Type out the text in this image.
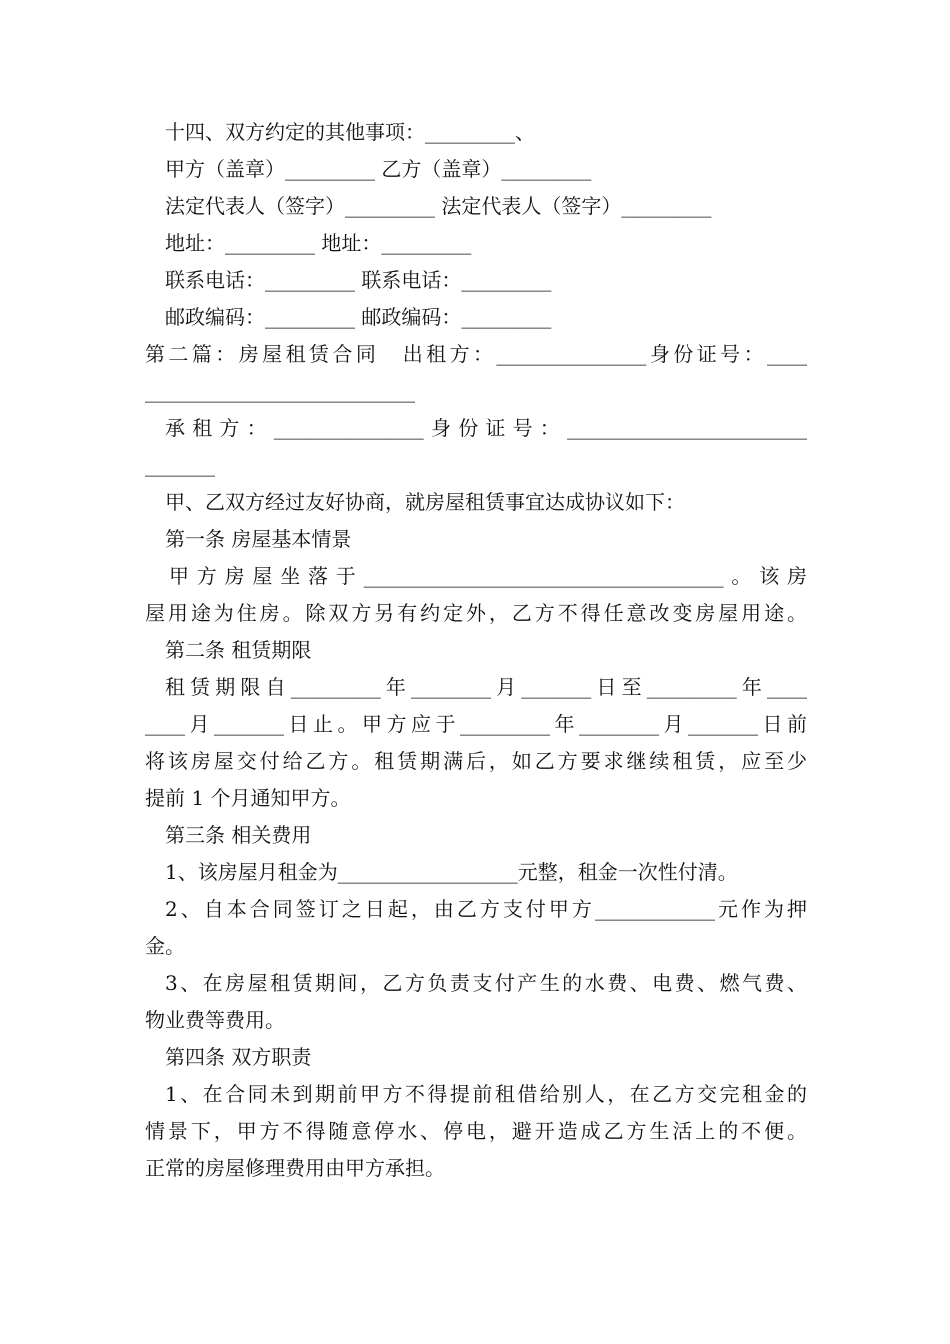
十四、双方约定的其他事项：_________、
甲方（盖章）_________ 乙方（盖章）_________
法定代表人（签字）_________ 法定代表人（签字）_________
地址：_________ 地址：_________
联系电话：_________ 联系电话：_________
邮政编码：_________ 邮政编码：_________
第二篇：房屋租赁合同　出租方：_______________身份证号：____
___________________________
承租方：_______________身份证号：________________________
_______
甲、乙双方经过友好协商，就房屋租赁事宜达成协议如下：
第一条 房屋基本情景
甲方房屋坐落于____________________________________。该房
屋用途为住房。除双方另有约定外，乙方不得任意改变房屋用途。
第二条 租赁期限
租赁期限自_________年________月_______日至_________年____
____月_______日止。甲方应于_________年________月_______日前
将该房屋交付给乙方。租赁期满后，如乙方要求继续租赁，应至少
提前 1 个月通知甲方。
第三条 相关费用
1、该房屋月租金为__________________元整，租金一次性付清。
2、自本合同签订之日起，由乙方支付甲方____________元作为押
金。
3、在房屋租赁期间，乙方负责支付产生的水费、电费、燃气费、
物业费等费用。
第四条 双方职责
1、在合同未到期前甲方不得提前租借给别人，在乙方交完租金的
情景下，甲方不得随意停水、停电，避开造成乙方生活上的不便。
正常的房屋修理费用由甲方承担。
